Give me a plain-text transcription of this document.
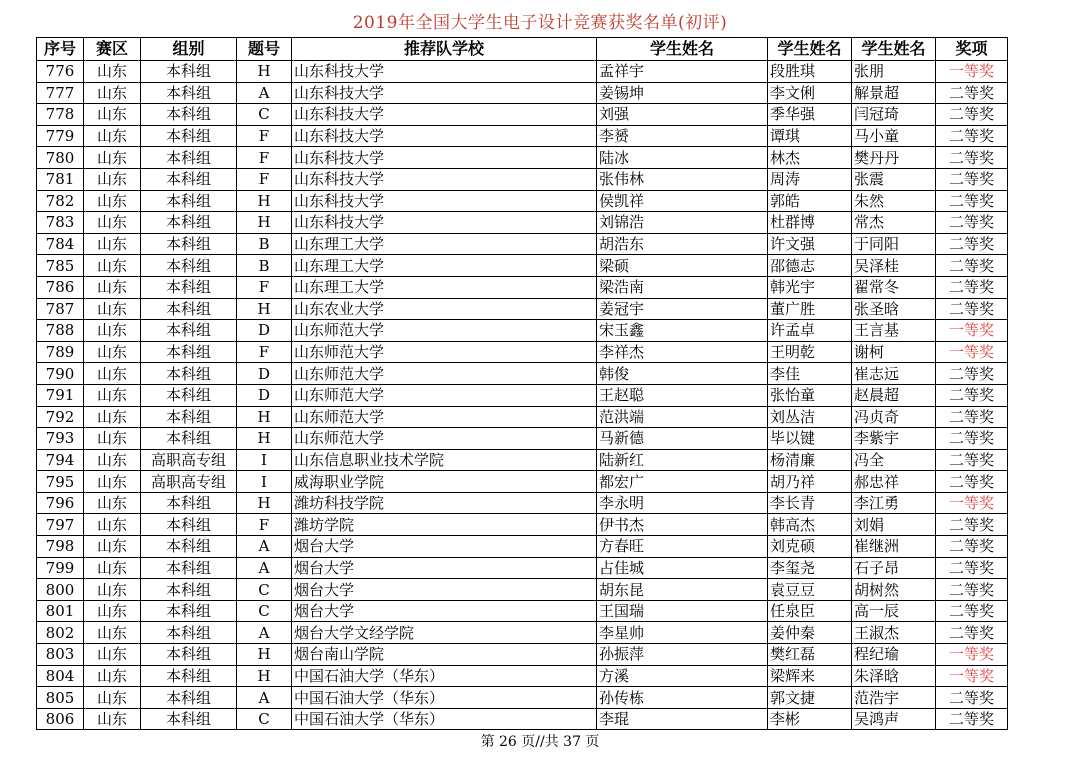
2019年全国大学生电子设计竞赛获奖名单(初评)
序号	赛区	组别	题号	推荐队学校	学生姓名	学生姓名	学生姓名	奖项
776	山东	本科组	H	山东科技大学	孟祥宇	段胜琪	张朋	一等奖
777	山东	本科组	A	山东科技大学	姜锡坤	李文俐	解景超	二等奖
778	山东	本科组	C	山东科技大学	刘强	季华强	闫冠琦	二等奖
779	山东	本科组	F	山东科技大学	李赟	谭琪	马小童	二等奖
780	山东	本科组	F	山东科技大学	陆冰	林杰	樊丹丹	二等奖
781	山东	本科组	F	山东科技大学	张伟林	周涛	张震	二等奖
782	山东	本科组	H	山东科技大学	侯凯祥	郭皓	朱然	二等奖
783	山东	本科组	H	山东科技大学	刘锦浩	杜群博	常杰	二等奖
784	山东	本科组	B	山东理工大学	胡浩东	许文强	于同阳	二等奖
785	山东	本科组	B	山东理工大学	梁硕	邵德志	吴泽桂	二等奖
786	山东	本科组	F	山东理工大学	梁浩南	韩光宇	翟常冬	二等奖
787	山东	本科组	H	山东农业大学	姜冠宇	董广胜	张圣晗	二等奖
788	山东	本科组	D	山东师范大学	宋玉鑫	许孟卓	王言基	一等奖
789	山东	本科组	F	山东师范大学	李祥杰	王明乾	谢柯	一等奖
790	山东	本科组	D	山东师范大学	韩俊	李佳	崔志远	二等奖
791	山东	本科组	D	山东师范大学	王赵聪	张怡童	赵晨超	二等奖
792	山东	本科组	H	山东师范大学	范洪端	刘丛洁	冯贞奇	二等奖
793	山东	本科组	H	山东师范大学	马新德	毕以键	李紫宇	二等奖
794	山东	高职高专组	I	山东信息职业技术学院	陆新红	杨清廉	冯全	二等奖
795	山东	高职高专组	I	威海职业学院	都宏广	胡乃祥	郝忠祥	二等奖
796	山东	本科组	H	潍坊科技学院	李永明	李长青	李江勇	一等奖
797	山东	本科组	F	潍坊学院	伊书杰	韩高杰	刘娟	二等奖
798	山东	本科组	A	烟台大学	方春旺	刘克硕	崔继洲	二等奖
799	山东	本科组	A	烟台大学	占佳城	李玺尧	石子昂	二等奖
800	山东	本科组	C	烟台大学	胡东昆	袁豆豆	胡树然	二等奖
801	山东	本科组	C	烟台大学	王国瑞	任泉臣	高一辰	二等奖
802	山东	本科组	A	烟台大学文经学院	李星帅	姜仲秦	王淑杰	二等奖
803	山东	本科组	H	烟台南山学院	孙振萍	樊红磊	程纪瑜	一等奖
804	山东	本科组	H	中国石油大学（华东）	方溪	梁辉来	朱泽晗	一等奖
805	山东	本科组	A	中国石油大学（华东）	孙传栋	郭文捷	范浩宇	二等奖
806	山东	本科组	C	中国石油大学（华东）	李琨	李彬	吴鸿声	二等奖
第 26 页//共 37 页
